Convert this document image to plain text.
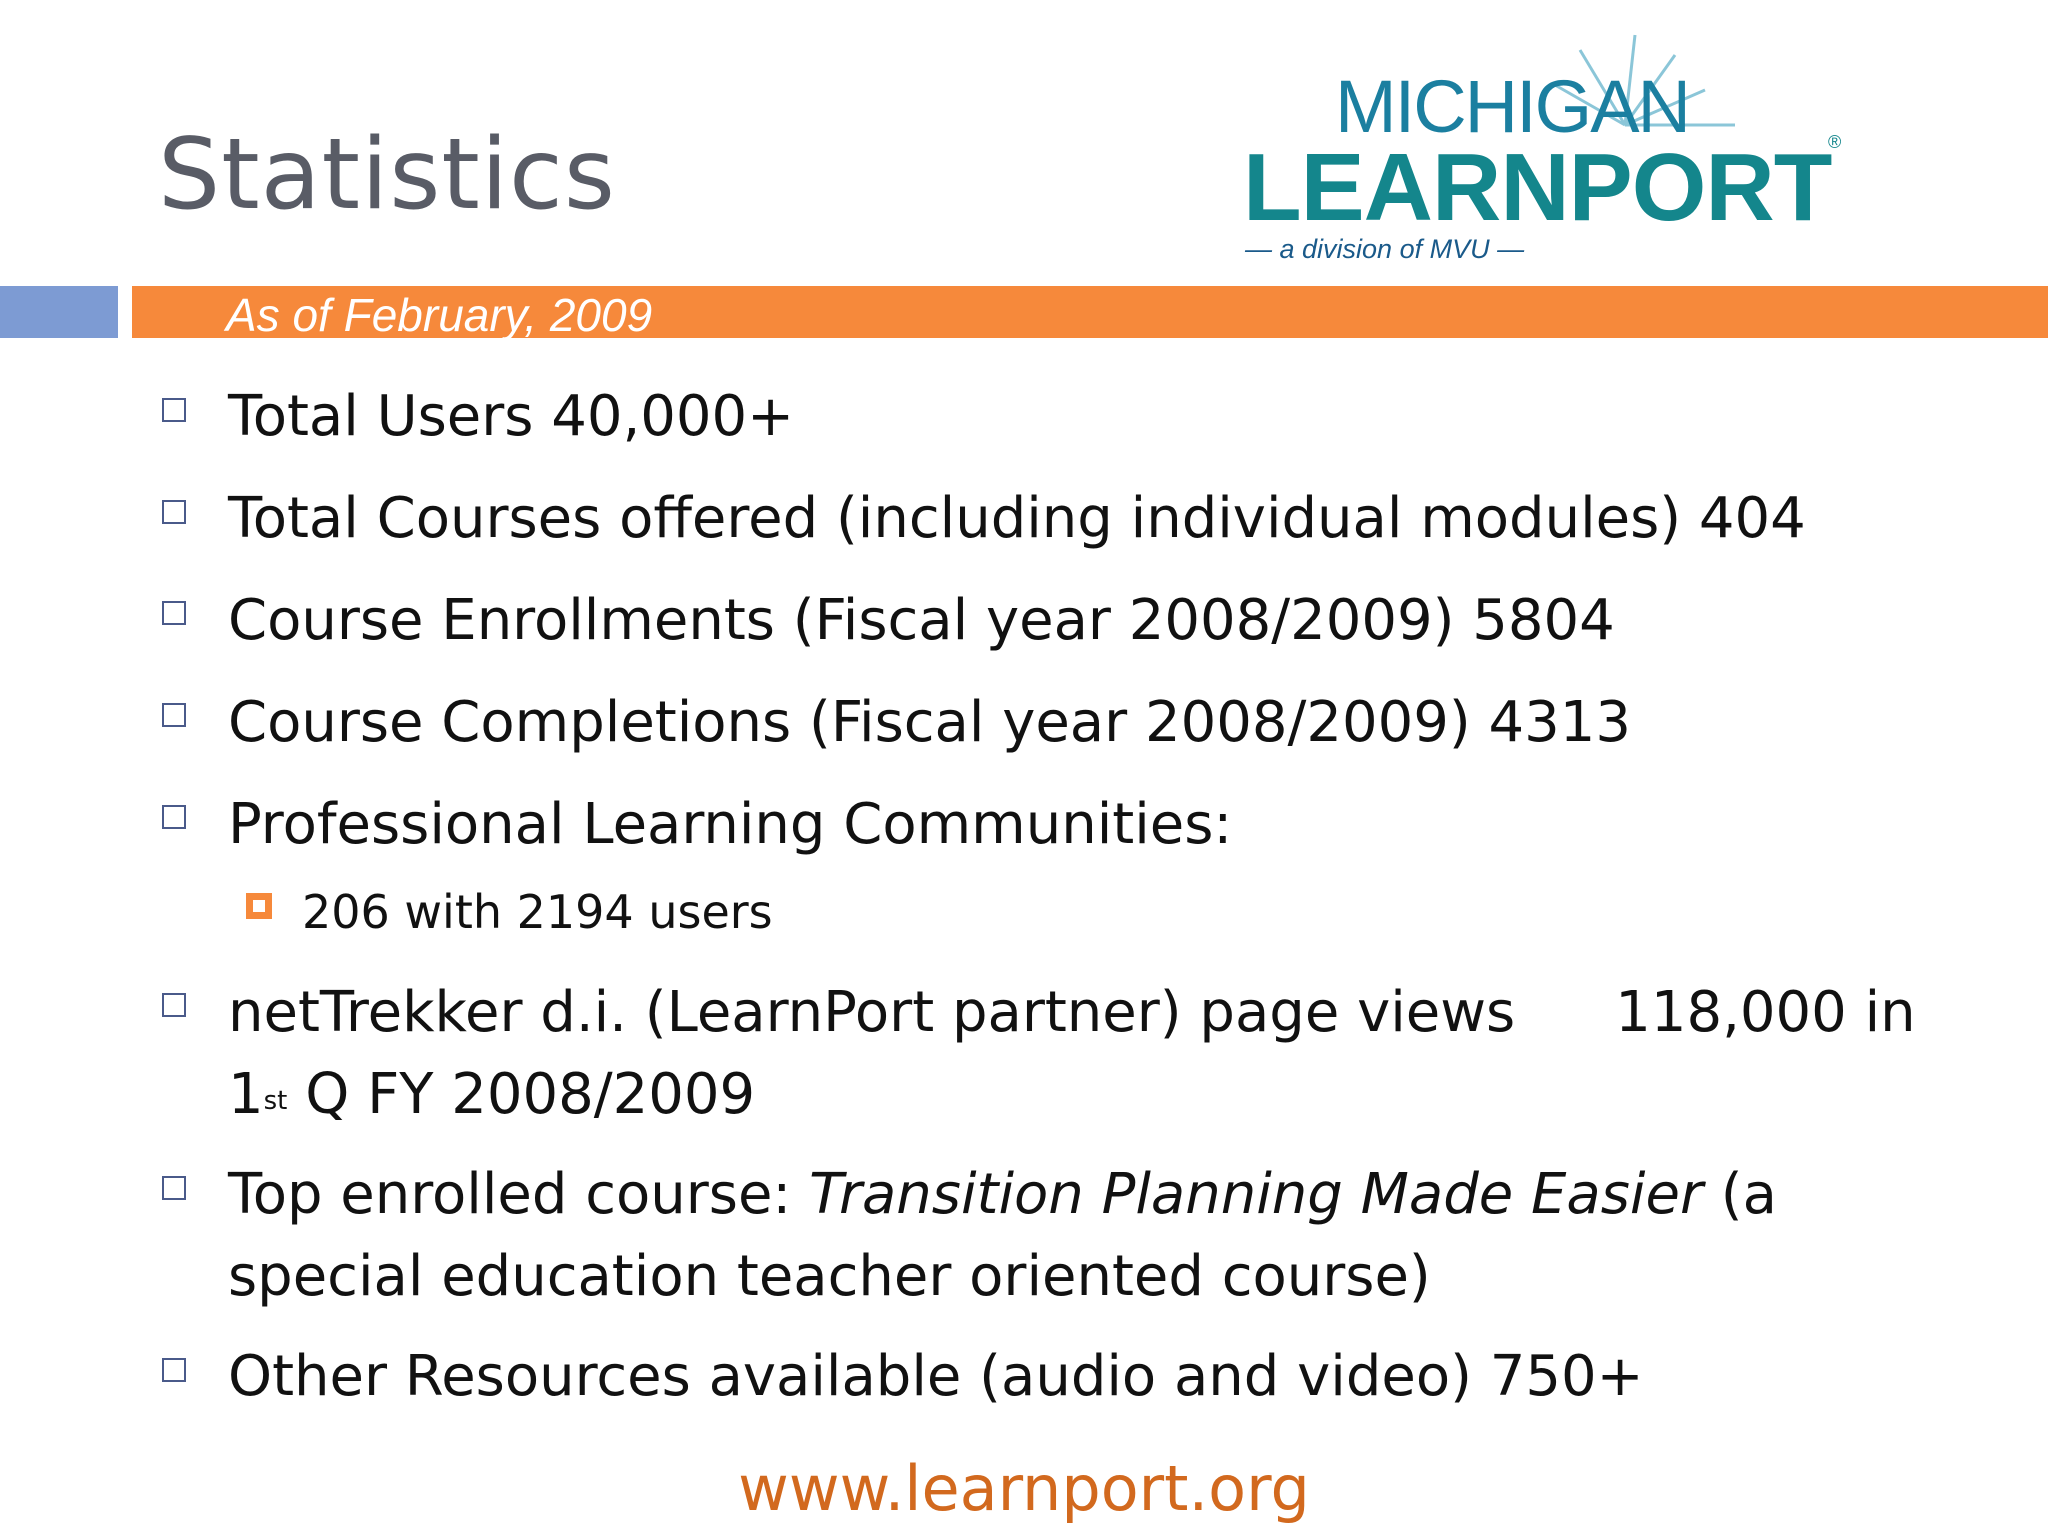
Statistics
MICHIGAN
LEARNPORT
®
— a division of MVU —
As of February, 2009
Total Users 40,000+
Total Courses offered (including individual modules) 404
Course Enrollments (Fiscal year 2008/2009) 5804
Course Completions (Fiscal year 2008/2009) 4313
Professional Learning Communities:
206 with 2194 users
netTrekker d.i. (LearnPort partner) page views 118,000 in
1st Q FY 2008/2009
Top enrolled course: Transition Planning Made Easier (a special education teacher oriented course)
Other Resources available (audio and video) 750+
www.learnport.org
